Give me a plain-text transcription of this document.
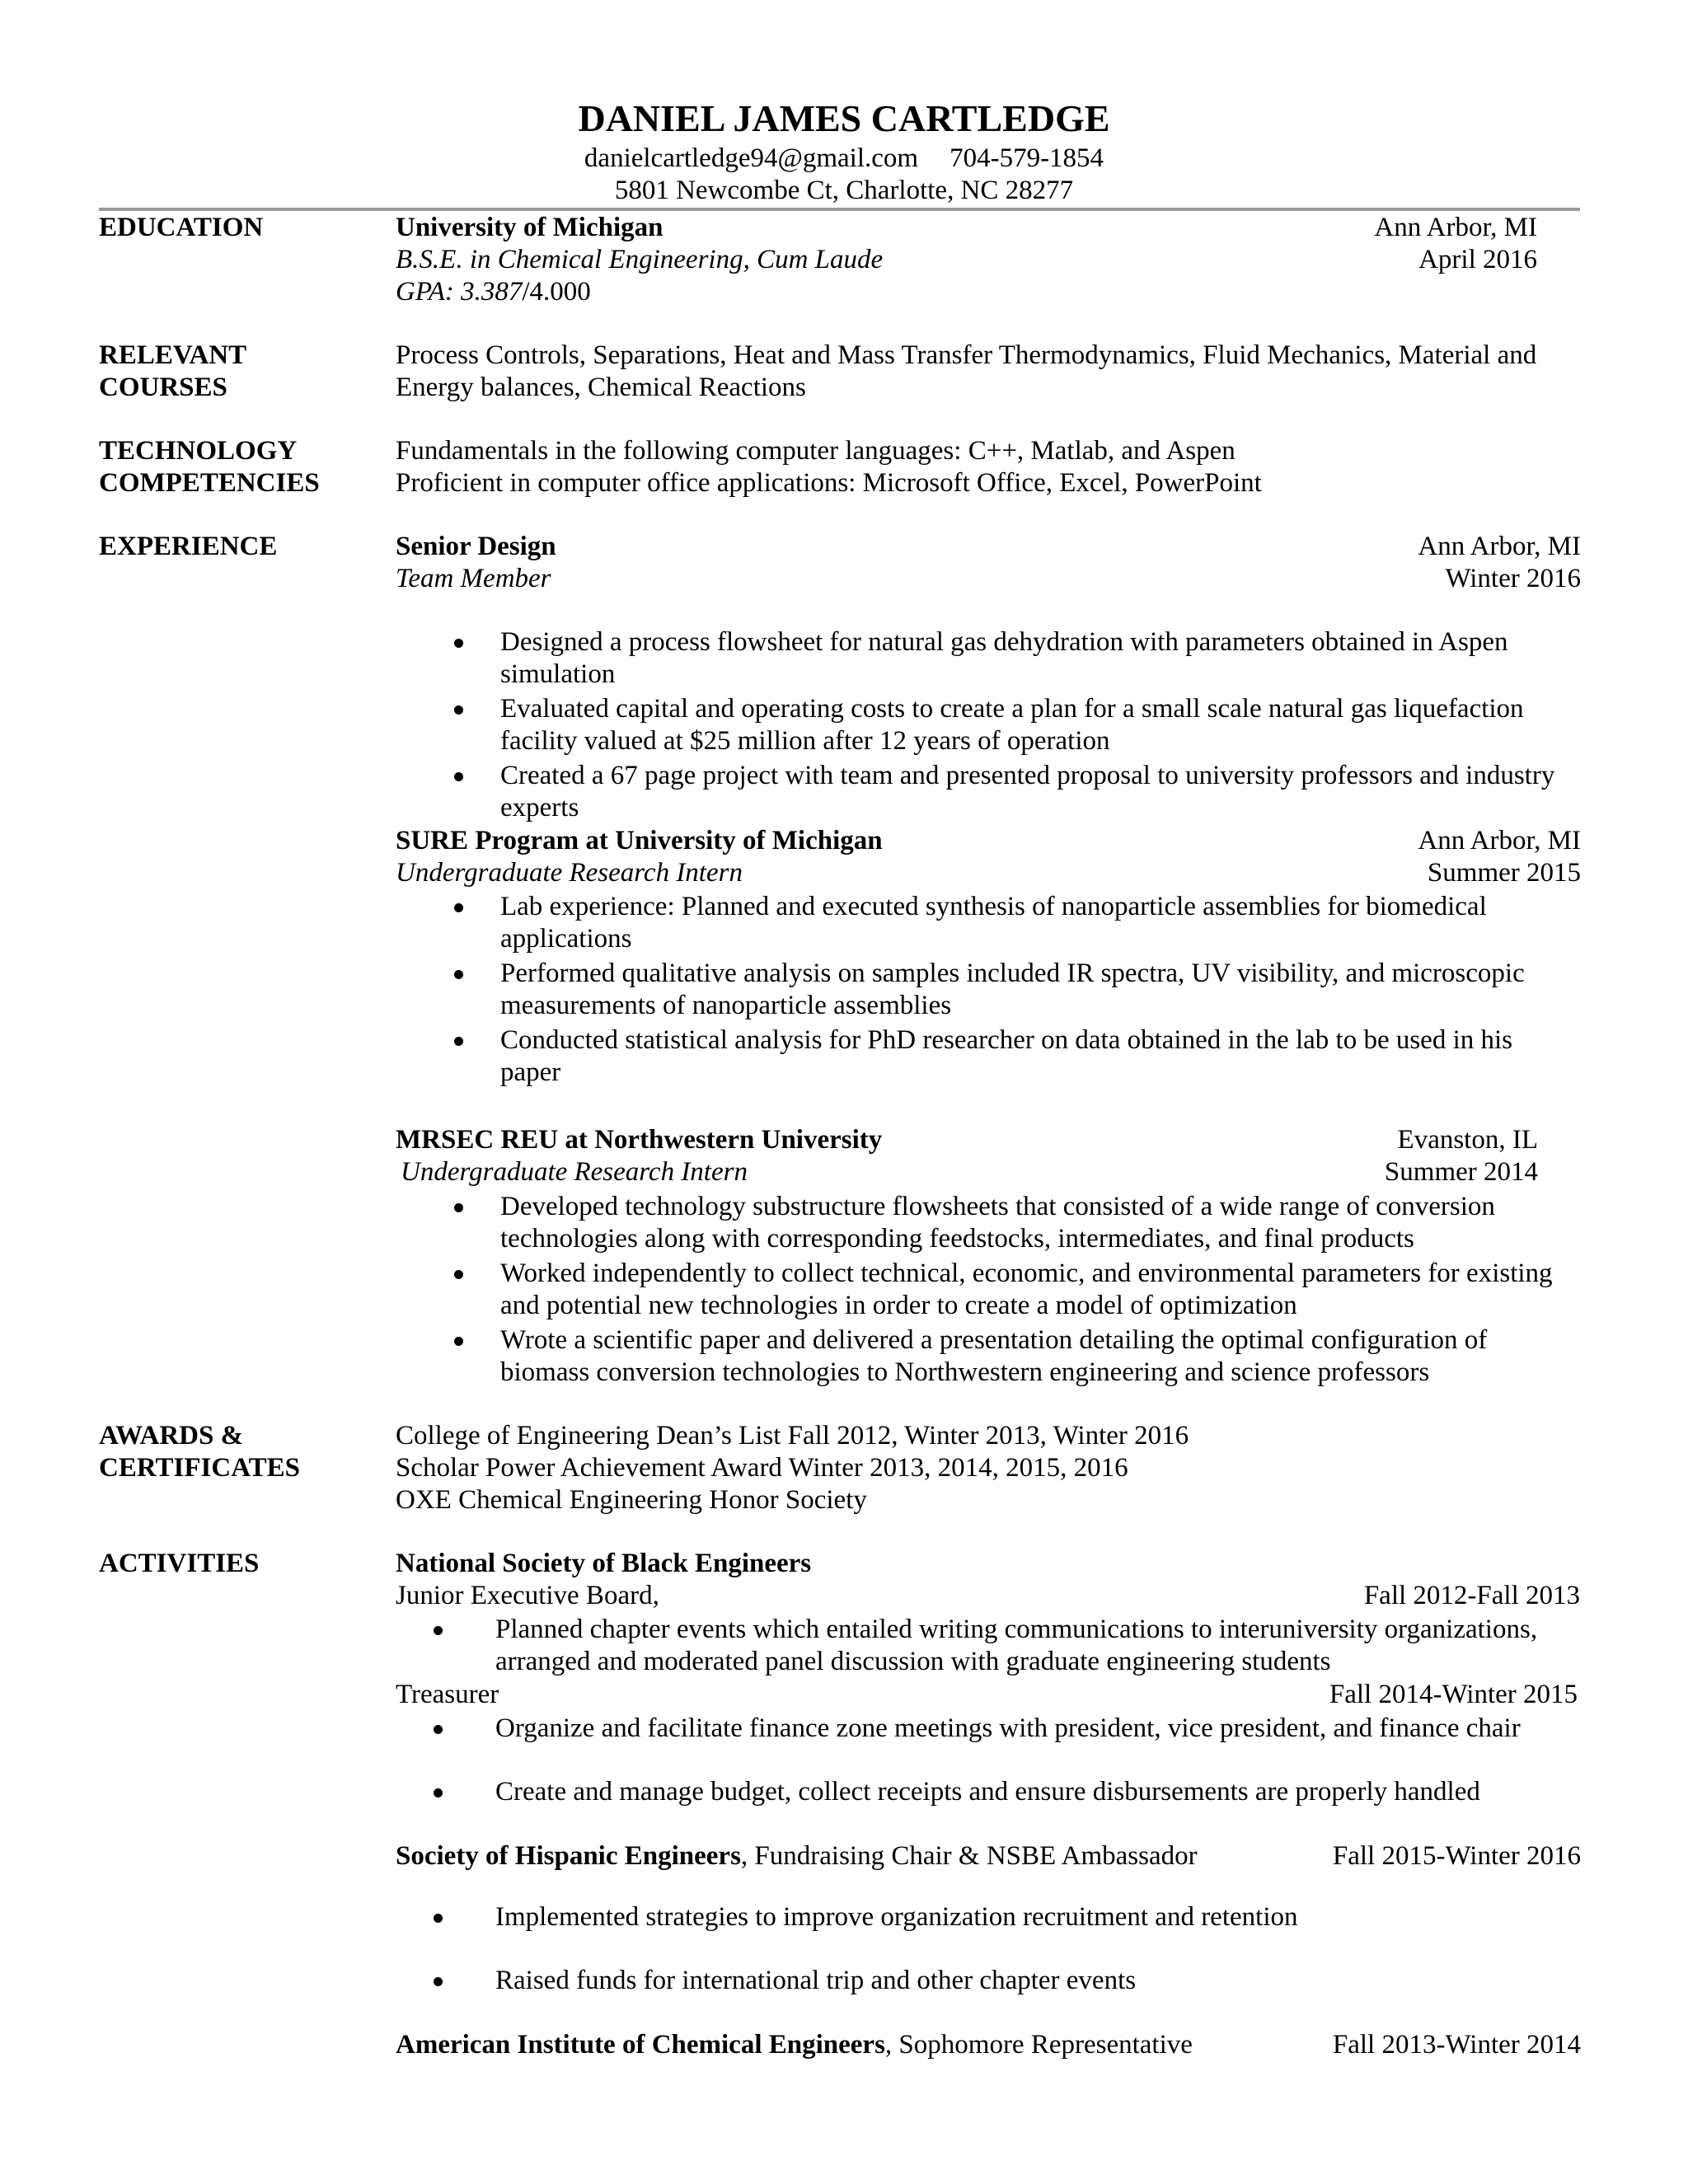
DANIEL JAMES CARTLEDGE
danielcartledge94@gmail.com 704-579-1854
5801 Newcombe Ct, Charlotte, NC 28277
EDUCATION	University of Michigan	Ann Arbor, MI
B.S.E. in Chemical Engineering, Cum Laude	April 2016
GPA: 3.387/4.000
RELEVANT
COURSES
Process Controls, Separations, Heat and Mass Transfer Thermodynamics, Fluid Mechanics, Material and
Energy balances, Chemical Reactions
TECHNOLOGY
COMPETENCIES
Fundamentals in the following computer languages: C++, Matlab, and Aspen
Proficient in computer office applications: Microsoft Office, Excel, PowerPoint
EXPERIENCE	Senior Design	Ann Arbor, MI
Team Member	Winter 2016
Designed a process flowsheet for natural gas dehydration with parameters obtained in Aspen
simulation
Evaluated capital and operating costs to create a plan for a small scale natural gas liquefaction
facility valued at $25 million after 12 years of operation
Created a 67 page project with team and presented proposal to university professors and industry
experts
SURE Program at University of Michigan	Ann Arbor, MI
Undergraduate Research Intern	Summer 2015
Lab experience: Planned and executed synthesis of nanoparticle assemblies for biomedical
applications
Performed qualitative analysis on samples included IR spectra, UV visibility, and microscopic
measurements of nanoparticle assemblies
Conducted statistical analysis for PhD researcher on data obtained in the lab to be used in his
paper
MRSEC REU at Northwestern University	Evanston, IL
Undergraduate Research Intern	Summer 2014
Developed technology substructure flowsheets that consisted of a wide range of conversion
technologies along with corresponding feedstocks, intermediates, and final products
Worked independently to collect technical, economic, and environmental parameters for existing
and potential new technologies in order to create a model of optimization
Wrote a scientific paper and delivered a presentation detailing the optimal configuration of
biomass conversion technologies to Northwestern engineering and science professors
AWARDS &
CERTIFICATES
College of Engineering Dean’s List Fall 2012, Winter 2013, Winter 2016
Scholar Power Achievement Award Winter 2013, 2014, 2015, 2016
OXE Chemical Engineering Honor Society
ACTIVITIES	National Society of Black Engineers
Junior Executive Board,	Fall 2012-Fall 2013
Planned chapter events which entailed writing communications to interuniversity organizations,
arranged and moderated panel discussion with graduate engineering students
Treasurer	Fall 2014-Winter 2015
Organize and facilitate finance zone meetings with president, vice president, and finance chair
Create and manage budget, collect receipts and ensure disbursements are properly handled
Society of Hispanic Engineers, Fundraising Chair & NSBE Ambassador	Fall 2015-Winter 2016
Implemented strategies to improve organization recruitment and retention
Raised funds for international trip and other chapter events
American Institute of Chemical Engineers, Sophomore Representative	Fall 2013-Winter 2014
